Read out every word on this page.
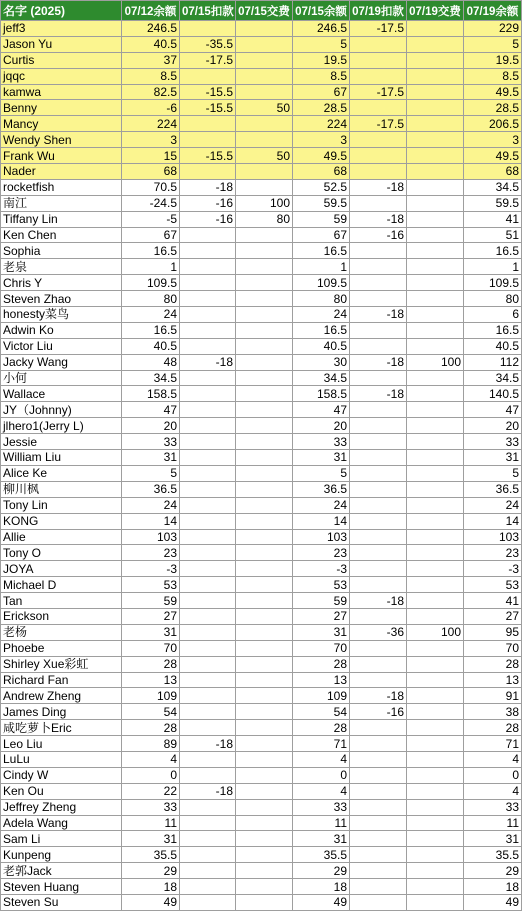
名字 (2025)	07/12余额	07/15扣款	07/15交费	07/15余额	07/19扣款	07/19交费	07/19余额
jeff3	246.5			246.5	-17.5		229
Jason Yu	40.5	-35.5		5			5
Curtis	37	-17.5		19.5			19.5
jqqc	8.5			8.5			8.5
kamwa	82.5	-15.5		67	-17.5		49.5
Benny	-6	-15.5	50	28.5			28.5
Mancy	224			224	-17.5		206.5
Wendy Shen	3			3			3
Frank Wu	15	-15.5	50	49.5			49.5
Nader	68			68			68
rocketfish	70.5	-18		52.5	-18		34.5
南江	-24.5	-16	100	59.5			59.5
Tiffany Lin	-5	-16	80	59	-18		41
Ken Chen	67			67	-16		51
Sophia	16.5			16.5			16.5
老泉	1			1			1
Chris Y	109.5			109.5			109.5
Steven Zhao	80			80			80
honesty菜鸟	24			24	-18		6
Adwin Ko	16.5			16.5			16.5
Victor Liu	40.5			40.5			40.5
Jacky Wang	48	-18		30	-18	100	112
小何	34.5			34.5			34.5
Wallace	158.5			158.5	-18		140.5
JY（Johnny)	47			47			47
jlhero1(Jerry L)	20			20			20
Jessie	33			33			33
William Liu	31			31			31
Alice Ke	5			5			5
柳川枫	36.5			36.5			36.5
Tony Lin	24			24			24
KONG	14			14			14
Allie	103			103			103
Tony O	23			23			23
JOYA	-3			-3			-3
Michael D	53			53			53
Tan	59			59	-18		41
Erickson	27			27			27
老杨	31			31	-36	100	95
Phoebe	70			70			70
Shirley Xue彩虹	28			28			28
Richard Fan	13			13			13
Andrew Zheng	109			109	-18		91
James Ding	54			54	-16		38
咸吃萝卜Eric	28			28			28
Leo Liu	89	-18		71			71
LuLu	4			4			4
Cindy W	0			0			0
Ken Ou	22	-18		4			4
Jeffrey Zheng	33			33			33
Adela Wang	11			11			11
Sam Li	31			31			31
Kunpeng	35.5			35.5			35.5
老郭Jack	29			29			29
Steven Huang	18			18			18
Steven Su	49			49			49
